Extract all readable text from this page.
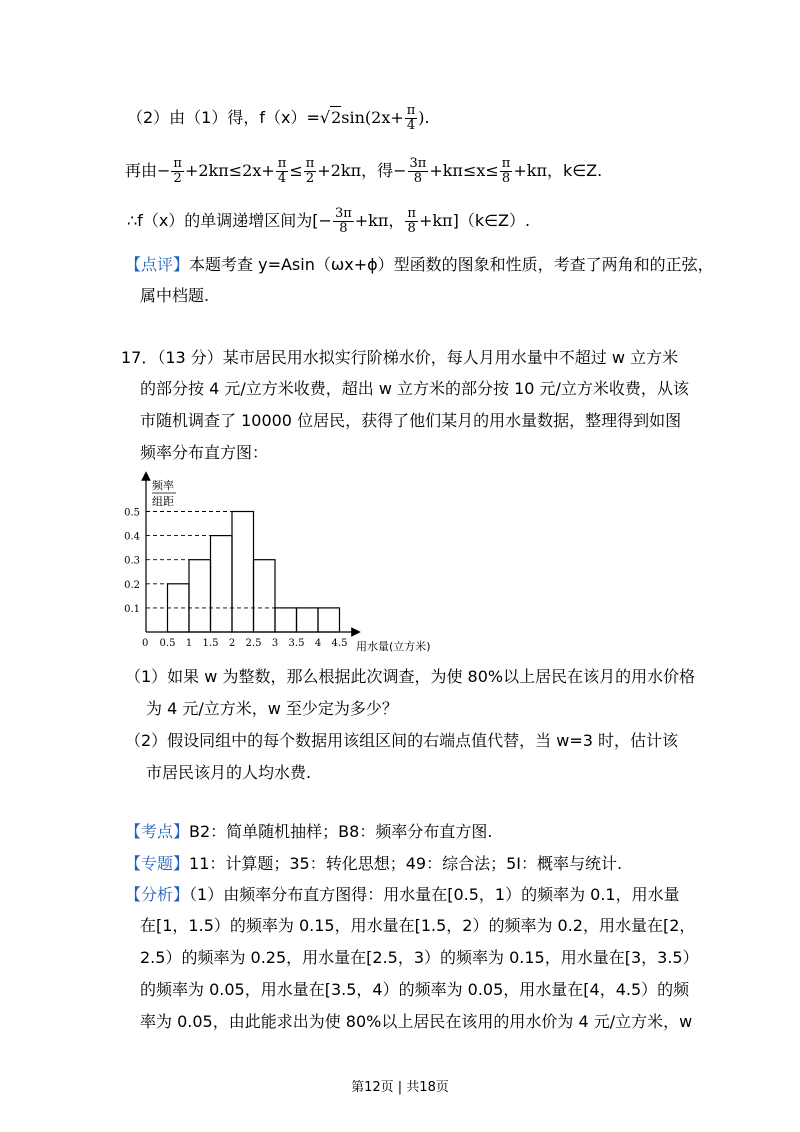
（2）由（1）得，$f(x)=√2\sin(2x+ \frac{\pi}{4}$ ).
再由− $\frac{\pi}{2} +2k\pi\le 2x+ \frac{\pi}{4} \le \frac{\pi}{2} +2k\pi$，得− $\frac{3\pi}{8} +k\pi\le x\le \frac{\pi}{8} +k\pi$，k∈Z.
∴f（x）的单调递增区间为[− $\frac{3\pi}{8} +k\pi$， $\frac{\pi}{8}$ +kπ]（k∈Z）.
【点评】本题考查 y=Asin（ωx+ϕ）型函数的图象和性质，考查了两角和的正弦，
属中档题.
17．（13 分）某市居民用水拟实行阶梯水价，每人月用水量中不超过 w 立方米
的部分按 4 元/立方米收费，超出 w 立方米的部分按 10 元/立方米收费，从该
市随机调查了 10000 位居民，获得了他们某月的用水量数据，整理得到如图
频率分布直方图：
频率
组距
用水量(立方米)
0 0.5 1 1.5 2 2.5 3 3.5 4 4.5
0.1
0.2
0.3
0.4
0.5
（1）如果 w 为整数，那么根据此次调查，为使 80%以上居民在该月的用水价格
为 4 元/立方米，w 至少定为多少？
（2）假设同组中的每个数据用该组区间的右端点值代替，当 w=3 时，估计该
市居民该月的人均水费.
【考点】B2：简单随机抽样；B8：频率分布直方图.
【专题】11：计算题；35：转化思想；49：综合法；5I：概率与统计.
【分析】（1）由频率分布直方图得：用水量在[0.5，1）的频率为 0.1，用水量
在[1，1.5）的频率为 0.15，用水量在[1.5，2）的频率为 0.2，用水量在[2，
2.5）的频率为 0.25，用水量在[2.5，3）的频率为 0.15，用水量在[3，3.5）
的频率为 0.05，用水量在[3.5，4）的频率为 0.05，用水量在[4，4.5）的频
率为 0.05，由此能求出为使 80%以上居民在该用的用水价为 4 元/立方米，w
第12页 | 共18页
